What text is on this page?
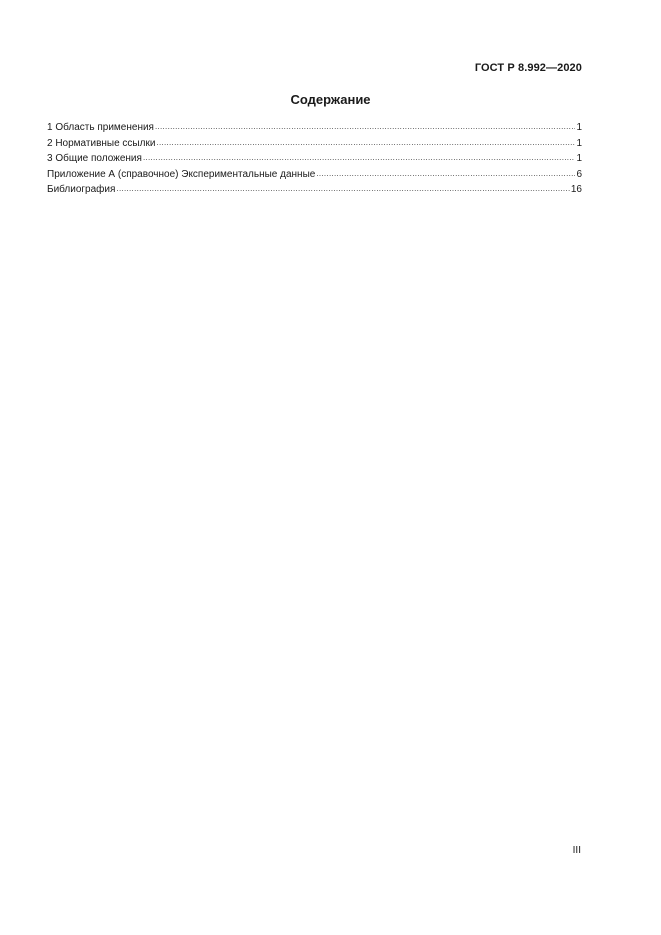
ГОСТ Р 8.992—2020
Содержание
1 Область применения .....	1
2 Нормативные ссылки .....	1
3 Общие положения .....	1
Приложение А (справочное) Экспериментальные данные .....	6
Библиография .....	16
III
